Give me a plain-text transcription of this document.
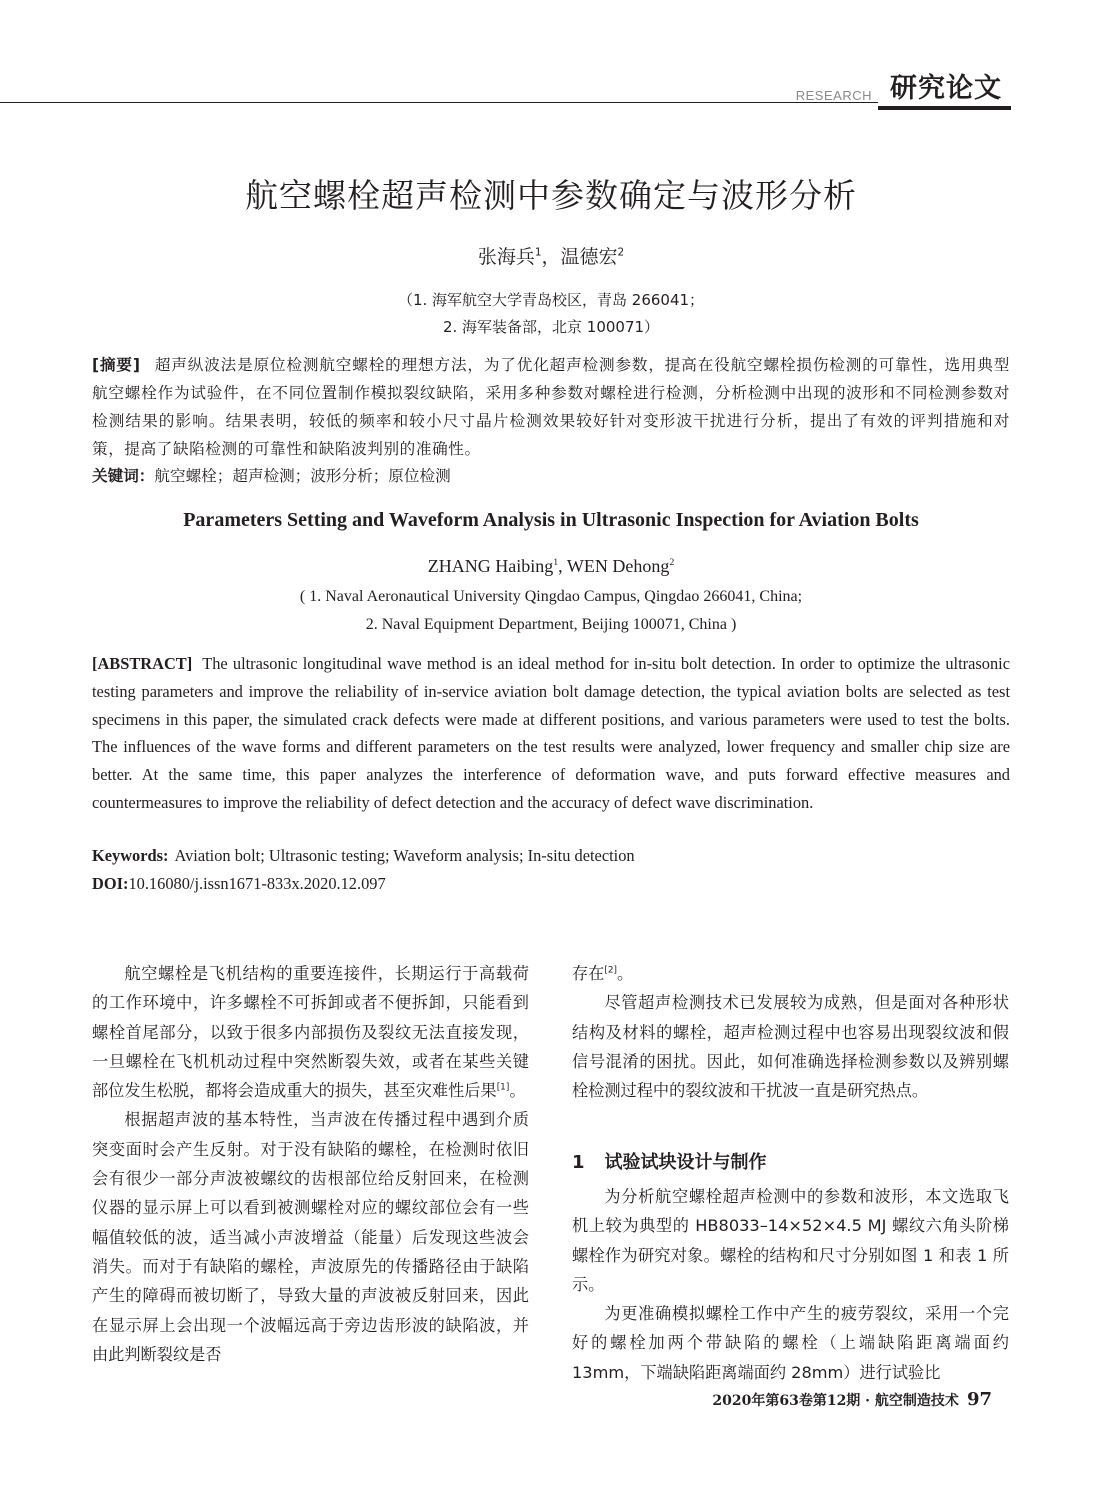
RESEARCH 研究论文
航空螺栓超声检测中参数确定与波形分析
张海兵$^1$，温德宏$^2$
（1. 海军航空大学青岛校区，青岛 266041；
2. 海军装备部，北京 100071）
[摘要] 超声纵波法是原位检测航空螺栓的理想方法，为了优化超声检测参数，提高在役航空螺栓损伤检测的可靠性，选用典型航空螺栓作为试验件，在不同位置制作模拟裂纹缺陷，采用多种参数对螺栓进行检测，分析检测中出现的波形和不同检测参数对检测结果的影响。结果表明，较低的频率和较小尺寸晶片检测效果较好针对变形波干扰进行分析，提出了有效的评判措施和对策，提高了缺陷检测的可靠性和缺陷波判别的准确性。
关键词：航空螺栓；超声检测；波形分析；原位检测
Parameters Setting and Waveform Analysis in Ultrasonic Inspection for Aviation Bolts
ZHANG Haibing$^1$, WEN Dehong$^2$
( 1. Naval Aeronautical University Qingdao Campus, Qingdao 266041, China;
2. Naval Equipment Department, Beijing 100071, China )
[ABSTRACT] The ultrasonic longitudinal wave method is an ideal method for in-situ bolt detection. In order to optimize the ultrasonic testing parameters and improve the reliability of in-service aviation bolt damage detection, the typical aviation bolts are selected as test specimens in this paper, the simulated crack defects were made at different positions, and various parameters were used to test the bolts. The influences of the wave forms and different parameters on the test results were analyzed, lower frequency and smaller chip size are better. At the same time, this paper analyzes the interference of deformation wave, and puts forward effective measures and countermeasures to improve the reliability of defect detection and the accuracy of defect wave discrimination.
Keywords: Aviation bolt; Ultrasonic testing; Waveform analysis; In-situ detection
DOI:10.16080/j.issn1671-833x.2020.12.097

航空螺栓是飞机结构的重要连接件，长期运行于高载荷的工作环境中，许多螺栓不可拆卸或者不便拆卸，只能看到螺栓首尾部分，以致于很多内部损伤及裂纹无法直接发现，一旦螺栓在飞机机动过程中突然断裂失效，或者在某些关键部位发生松脱，都将会造成重大的损失，甚至灾难性后果[1]。

根据超声波的基本特性，当声波在传播过程中遇到介质突变面时会产生反射。对于没有缺陷的螺栓，在检测时依旧会有很少一部分声波被螺纹的齿根部位给反射回来，在检测仪器的显示屏上可以看到被测螺栓对应的螺纹部位会有一些幅值较低的波，适当减小声波增益（能量）后发现这些波会消失。而对于有缺陷的螺栓，声波原先的传播路径由于缺陷产生的障碍而被切断了，导致大量的声波被反射回来，因此在显示屏上会出现一个波幅远高于旁边齿形波的缺陷波，并由此判断裂纹是否

存在[2]。

尽管超声检测技术已发展较为成熟，但是面对各种形状结构及材料的螺栓，超声检测过程中也容易出现裂纹波和假信号混淆的困扰。因此，如何准确选择检测参数以及辨别螺栓检测过程中的裂纹波和干扰波一直是研究热点。

1 试验试块设计与制作

为分析航空螺栓超声检测中的参数和波形，本文选取飞机上较为典型的 HB8033–14×52×4.5 MJ 螺纹六角头阶梯螺栓作为研究对象。螺栓的结构和尺寸分别如图 1 和表 1 所示。

为更准确模拟螺栓工作中产生的疲劳裂纹，采用一个完好的螺栓加两个带缺陷的螺栓（上端缺陷距离端面约 13mm，下端缺陷距离端面约 28mm）进行试验比

2020年第63卷第12期 · 航空制造技术 97
